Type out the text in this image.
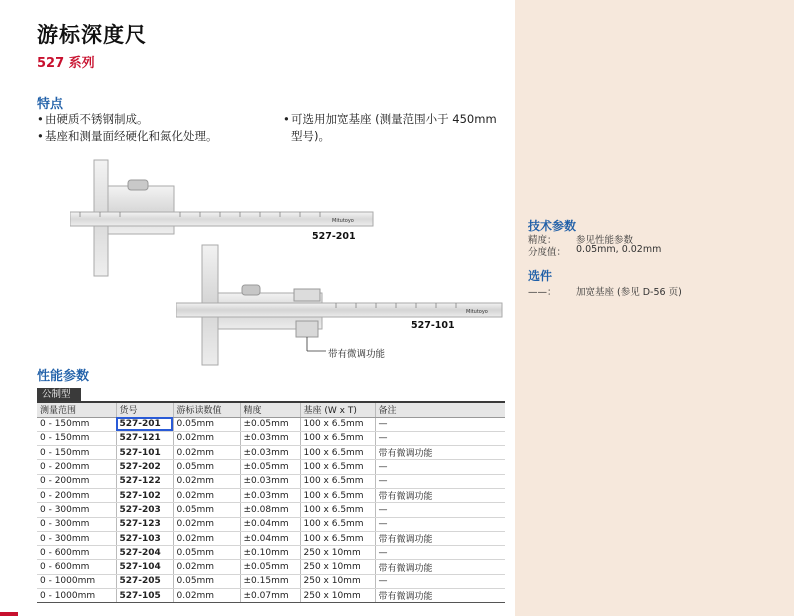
游标深度尺
527 系列
特点
• 由硬质不锈钢制成。
• 基座和测量面经硬化和氮化处理。
• 可选用加宽基座 (测量范围小于 450mm
型号)。
Mitutoyo
527-201
Mitutoyo
527-101
带有微调功能
技术参数
精度：	参见性能参数
分度值：	0.05mm, 0.02mm
选件
——：	加宽基座 (参见 D-56 页)
性能参数
公制型
测量范围	货号	游标读数值	精度	基座 (W x T)	备注
0 - 150mm	527-201	0.05mm	±0.05mm	100 x 6.5mm	—
0 - 150mm	527-121	0.02mm	±0.03mm	100 x 6.5mm	—
0 - 150mm	527-101	0.02mm	±0.03mm	100 x 6.5mm	带有微调功能
0 - 200mm	527-202	0.05mm	±0.05mm	100 x 6.5mm	—
0 - 200mm	527-122	0.02mm	±0.03mm	100 x 6.5mm	—
0 - 200mm	527-102	0.02mm	±0.03mm	100 x 6.5mm	带有微调功能
0 - 300mm	527-203	0.05mm	±0.08mm	100 x 6.5mm	—
0 - 300mm	527-123	0.02mm	±0.04mm	100 x 6.5mm	—
0 - 300mm	527-103	0.02mm	±0.04mm	100 x 6.5mm	带有微调功能
0 - 600mm	527-204	0.05mm	±0.10mm	250 x 10mm	—
0 - 600mm	527-104	0.02mm	±0.05mm	250 x 10mm	带有微调功能
0 - 1000mm	527-205	0.05mm	±0.15mm	250 x 10mm	—
0 - 1000mm	527-105	0.02mm	±0.07mm	250 x 10mm	带有微调功能
